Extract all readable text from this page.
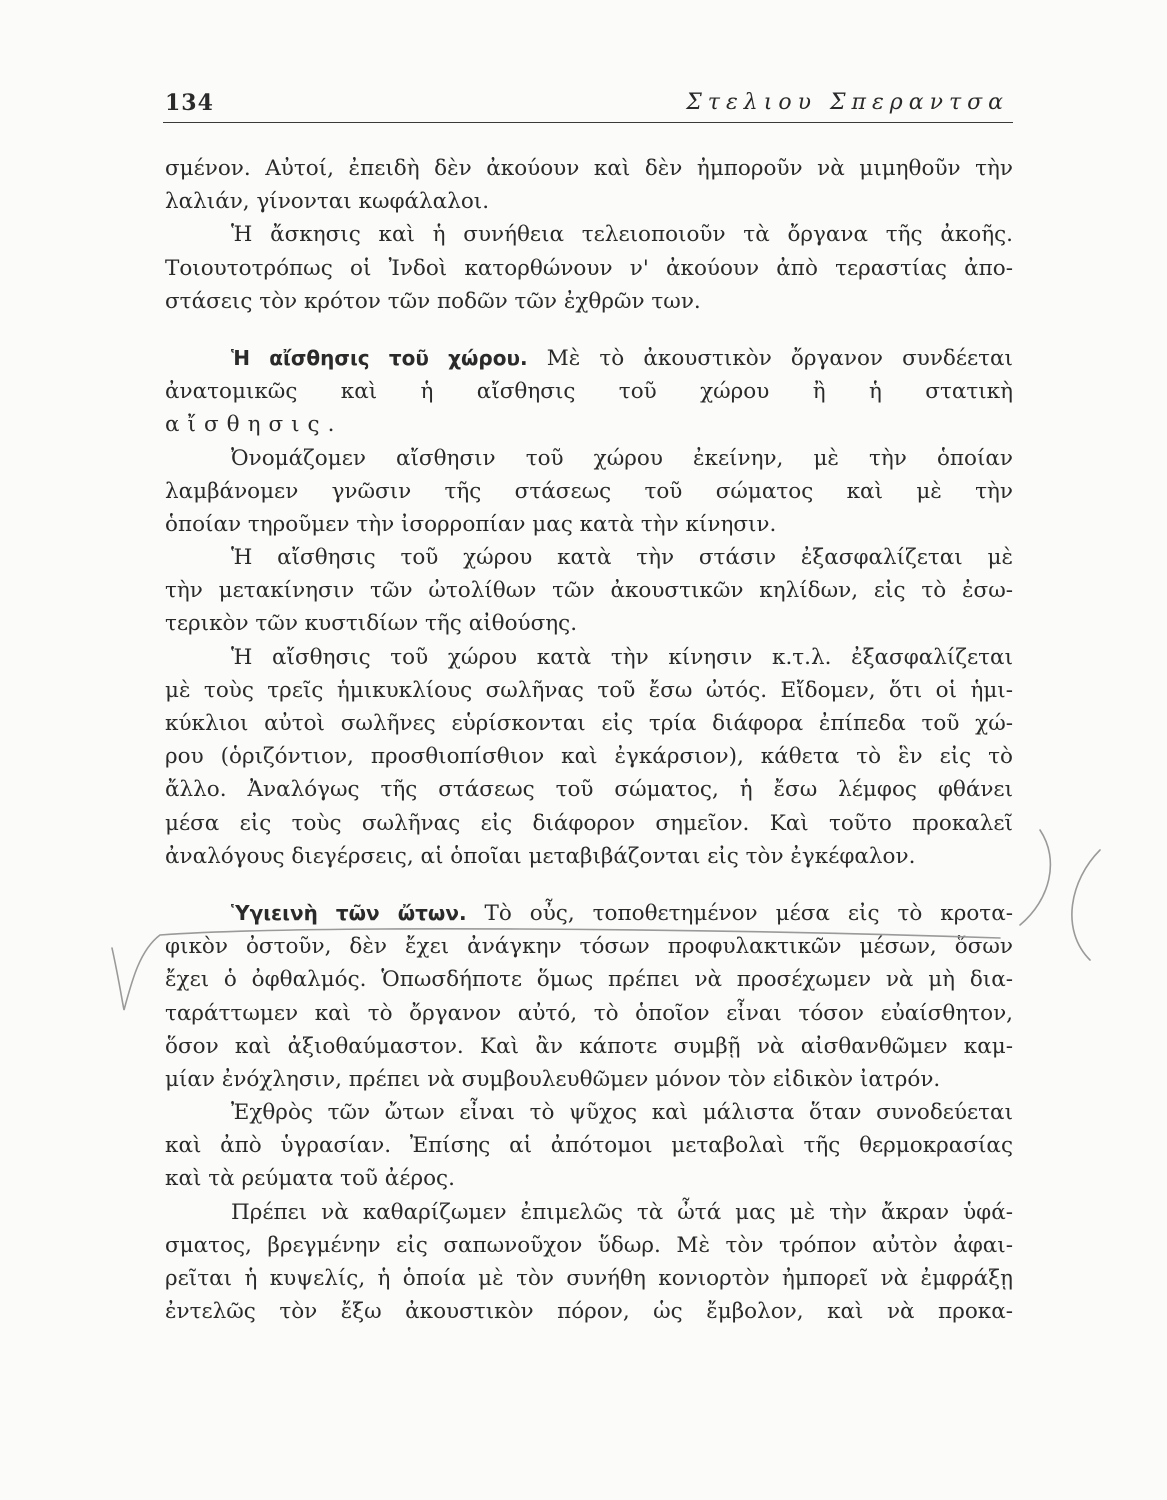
134	Στελιου Σπεραντσα
σμένον. Αὐτοί, ἐπειδὴ δὲν ἀκούουν καὶ δὲν ἠμποροῦν νὰ μιμηθοῦν τὴν
λαλιάν, γίνονται κωφάλαλοι.
Ἡ ἄσκησις καὶ ἡ συνήθεια τελειοποιοῦν τὰ ὄργανα τῆς ἀκοῆς.
Τοιουτοτρόπως οἱ Ἰνδοὶ κατορθώνουν ν' ἀκούουν ἀπὸ τεραστίας ἀπο-
στάσεις τὸν κρότον τῶν ποδῶν τῶν ἐχθρῶν των.
Ἡ αἴσθησις τοῦ χώρου. Μὲ τὸ ἀκουστικὸν ὄργανον συνδέεται
ἀνατομικῶς καὶ ἡ αἴσθησις τοῦ χώρου ἢ ἡ στατικὴ
αἴσθησις.
Ὀνομάζομεν αἴσθησιν τοῦ χώρου ἐκείνην, μὲ τὴν ὁποίαν
λαμβάνομεν γνῶσιν τῆς στάσεως τοῦ σώματος καὶ μὲ τὴν
ὁποίαν τηροῦμεν τὴν ἰσορροπίαν μας κατὰ τὴν κίνησιν.
Ἡ αἴσθησις τοῦ χώρου κατὰ τὴν στάσιν ἐξασφαλίζεται μὲ
τὴν μετακίνησιν τῶν ὠτολίθων τῶν ἀκουστικῶν κηλίδων, εἰς τὸ ἐσω-
τερικὸν τῶν κυστιδίων τῆς αἰθούσης.
Ἡ αἴσθησις τοῦ χώρου κατὰ τὴν κίνησιν κ.τ.λ. ἐξασφαλίζεται
μὲ τοὺς τρεῖς ἡμικυκλίους σωλῆνας τοῦ ἔσω ὠτός. Εἴδομεν, ὅτι οἱ ἡμι-
κύκλιοι αὐτοὶ σωλῆνες εὑρίσκονται εἰς τρία διάφορα ἐπίπεδα τοῦ χώ-
ρου (ὁριζόντιον, προσθιοπίσθιον καὶ ἐγκάρσιον), κάθετα τὸ ἓν εἰς τὸ
ἄλλο. Ἀναλόγως τῆς στάσεως τοῦ σώματος, ἡ ἔσω λέμφος φθάνει
μέσα εἰς τοὺς σωλῆνας εἰς διάφορον σημεῖον. Καὶ τοῦτο προκαλεῖ
ἀναλόγους διεγέρσεις, αἱ ὁποῖαι μεταβιβάζονται εἰς τὸν ἐγκέφαλον.
Ὑγιεινὴ τῶν ὤτων. Τὸ οὖς, τοποθετημένον μέσα εἰς τὸ κροτα-
φικὸν ὀστοῦν, δὲν ἔχει ἀνάγκην τόσων προφυλακτικῶν μέσων, ὅσων
ἔχει ὁ ὀφθαλμός. Ὁπωσδήποτε ὅμως πρέπει νὰ προσέχωμεν νὰ μὴ δια-
ταράττωμεν καὶ τὸ ὄργανον αὐτό, τὸ ὁποῖον εἶναι τόσον εὐαίσθητον,
ὅσον καὶ ἀξιοθαύμαστον. Καὶ ἂν κάποτε συμβῇ νὰ αἰσθανθῶμεν καμ-
μίαν ἐνόχλησιν, πρέπει νὰ συμβουλευθῶμεν μόνον τὸν εἰδικὸν ἰατρόν.
Ἐχθρὸς τῶν ὤτων εἶναι τὸ ψῦχος καὶ μάλιστα ὅταν συνοδεύεται
καὶ ἀπὸ ὑγρασίαν. Ἐπίσης αἱ ἀπότομοι μεταβολαὶ τῆς θερμοκρασίας
καὶ τὰ ρεύματα τοῦ ἀέρος.
Πρέπει νὰ καθαρίζωμεν ἐπιμελῶς τὰ ὦτά μας μὲ τὴν ἄκραν ὑφά-
σματος, βρεγμένην εἰς σαπωνοῦχον ὕδωρ. Μὲ τὸν τρόπον αὐτὸν ἀφαι-
ρεῖται ἡ κυψελίς, ἡ ὁποία μὲ τὸν συνήθη κονιορτὸν ἠμπορεῖ νὰ ἐμφράξῃ
ἐντελῶς τὸν ἔξω ἀκουστικὸν πόρον, ὡς ἔμβολον, καὶ νὰ προκα-
